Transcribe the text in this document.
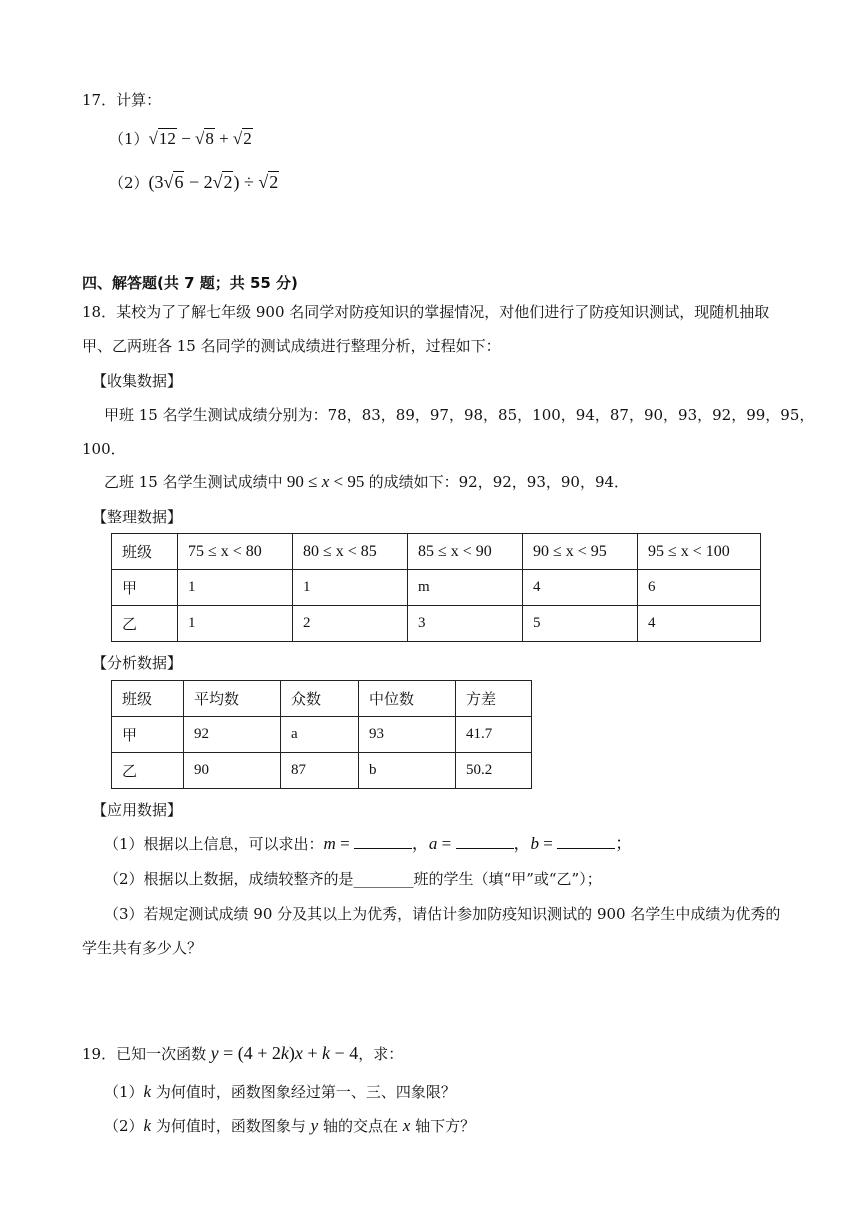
17．计算：
（1）√12 − √8 + √2
（2）(3√6 − 2√2) ÷ √2
四、解答题(共 7 题；共 55 分)
18．某校为了了解七年级 900 名同学对防疫知识的掌握情况，对他们进行了防疫知识测试，现随机抽取
甲、乙两班各 15 名同学的测试成绩进行整理分析，过程如下：
【收集数据】
甲班 15 名学生测试成绩分别为：78，83，89，97，98，85，100，94，87，90，93，92，99，95，
100．
乙班 15 名学生测试成绩中 90 ≤ x < 95 的成绩如下：92，92，93，90，94．
【整理数据】
班级	75 ≤ x < 80	80 ≤ x < 85	85 ≤ x < 90	90 ≤ x < 95	95 ≤ x < 100
甲	1	1	m	4	6
乙	1	2	3	5	4
【分析数据】
班级	平均数	众数	中位数	方差
甲	92	a	93	41.7
乙	90	87	b	50.2
【应用数据】
（1）根据以上信息，可以求出：m =	，a =	，b =	；
（2）根据以上数据，成绩较整齐的是________班的学生（填“甲”或“乙”）；
（3）若规定测试成绩 90 分及其以上为优秀，请估计参加防疫知识测试的 900 名学生中成绩为优秀的
学生共有多少人？
19．已知一次函数 y = (4 + 2k)x + k − 4，求：
（1）k 为何值时，函数图象经过第一、三、四象限？
（2）k 为何值时，函数图象与 y 轴的交点在 x 轴下方？
